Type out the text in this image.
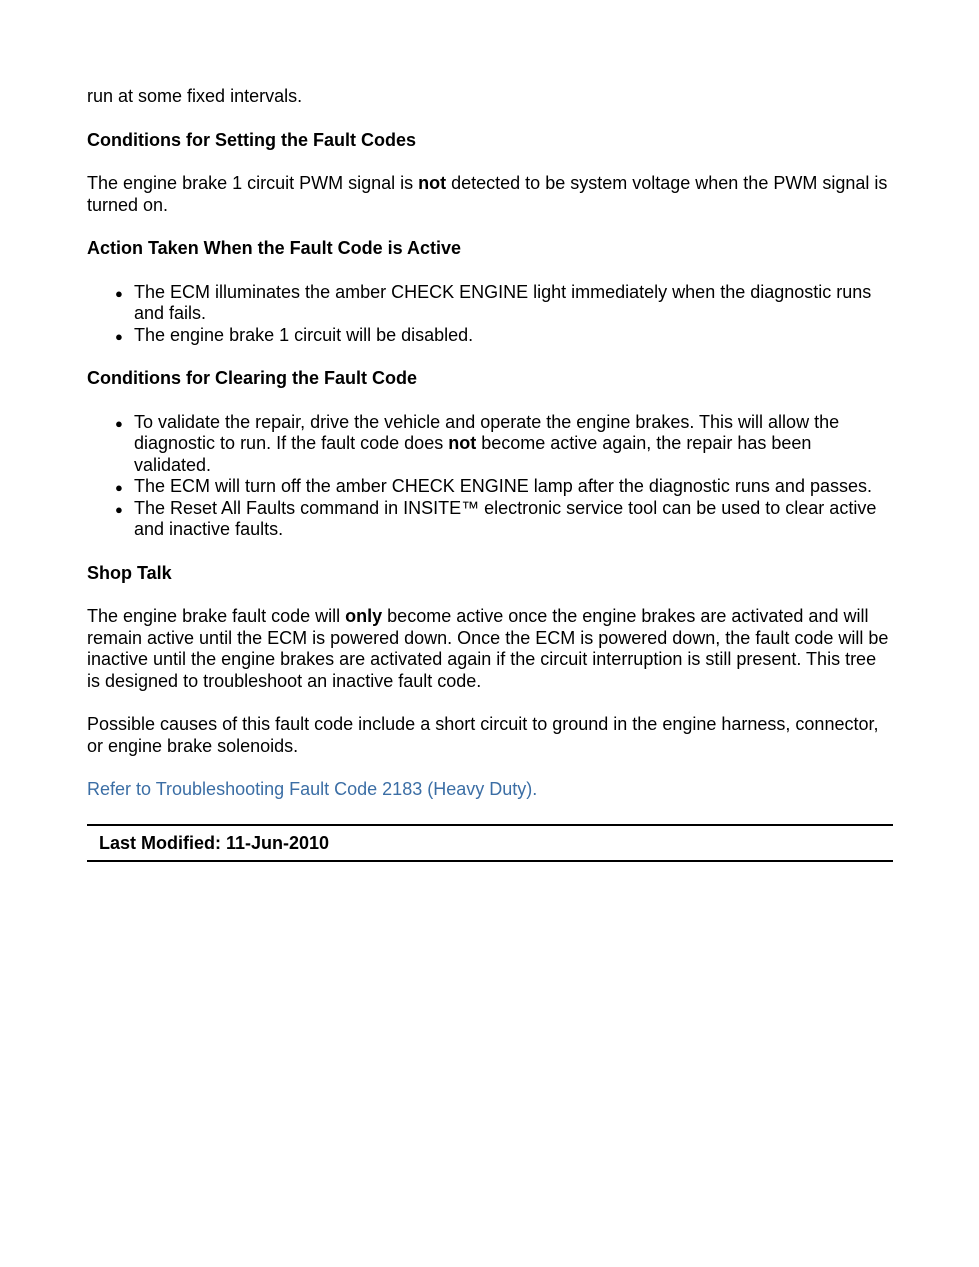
run at some fixed intervals.

Conditions for Setting the Fault Codes

The engine brake 1 circuit PWM signal is not detected to be system voltage when the PWM signal is turned on.

Action Taken When the Fault Code is Active
● The ECM illuminates the amber CHECK ENGINE light immediately when the diagnostic runs and fails.
● The engine brake 1 circuit will be disabled.
Conditions for Clearing the Fault Code
● To validate the repair, drive the vehicle and operate the engine brakes. This will allow the diagnostic to run. If the fault code does not become active again, the repair has been validated.
● The ECM will turn off the amber CHECK ENGINE lamp after the diagnostic runs and passes.
● The Reset All Faults command in INSITE™ electronic service tool can be used to clear active and inactive faults.
Shop Talk

The engine brake fault code will only become active once the engine brakes are activated and will remain active until the ECM is powered down. Once the ECM is powered down, the fault code will be inactive until the engine brakes are activated again if the circuit interruption is still present. This tree is designed to troubleshoot an inactive fault code.

Possible causes of this fault code include a short circuit to ground in the engine harness, connector, or engine brake solenoids.

Refer to Troubleshooting Fault Code 2183 (Heavy Duty).

Last Modified: 11-Jun-2010
